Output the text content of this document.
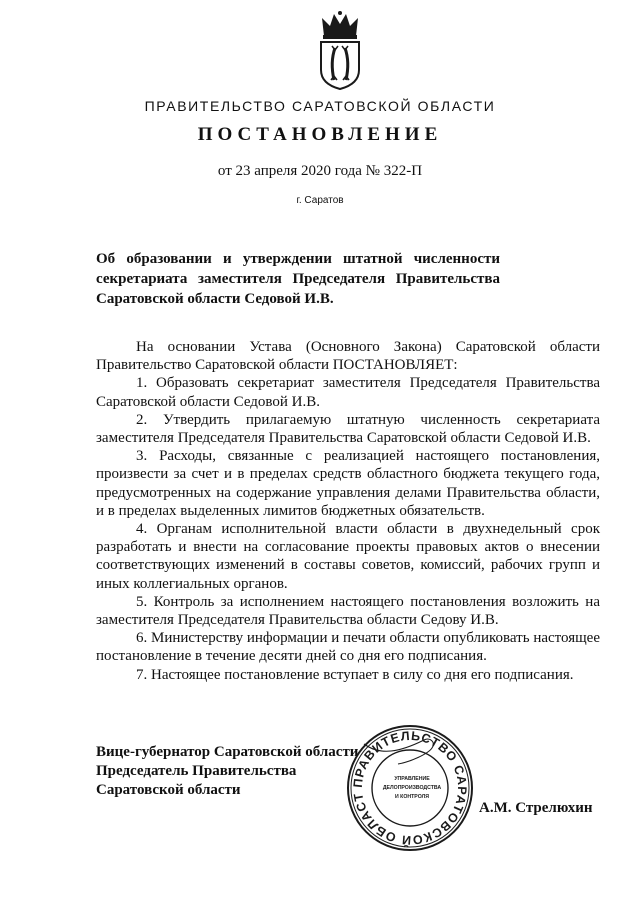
ПРАВИТЕЛЬСТВО САРАТОВСКОЙ ОБЛАСТИ
ПОСТАНОВЛЕНИЕ
от 23 апреля 2020 года № 322-П
г. Саратов
Об образовании и утверждении штатной численности
секретариата заместителя Председателя Правительства
Саратовской области Седовой И.В.

На основании Устава (Основного Закона) Саратовской области Правительство Саратовской области ПОСТАНОВЛЯЕТ:

1. Образовать секретариат заместителя Председателя Правительства Саратовской области Седовой И.В.

2. Утвердить прилагаемую штатную численность секретариата заместителя Председателя Правительства Саратовской области Седовой И.В.

3. Расходы, связанные с реализацией настоящего постановления, произвести за счет и в пределах средств областного бюджета текущего года, предусмотренных на содержание управления делами Правительства области, и в пределах выделенных лимитов бюджетных обязательств.

4. Органам исполнительной власти области в двухнедельный срок разработать и внести на согласование проекты правовых актов о внесении соответствующих изменений в составы советов, комиссий, рабочих групп и иных коллегиальных органов.

5. Контроль за исполнением настоящего постановления возложить на заместителя Председателя Правительства области Седову И.В.

6. Министерству информации и печати области опубликовать настоящее постановление в течение десяти дней со дня его подписания.

7. Настоящее постановление вступает в силу со дня его подписания.

Вице-губернатор Саратовской области
Председатель Правительства
Саратовской области	ПРАВИТЕЛЬСТВО САРАТОВСКОЙ ОБЛАСТ
УПРАВЛЕНИЕ
ДЕЛОПРОИЗВОДСТВА
И КОНТРОЛЯ
А.М. Стрелюхин
